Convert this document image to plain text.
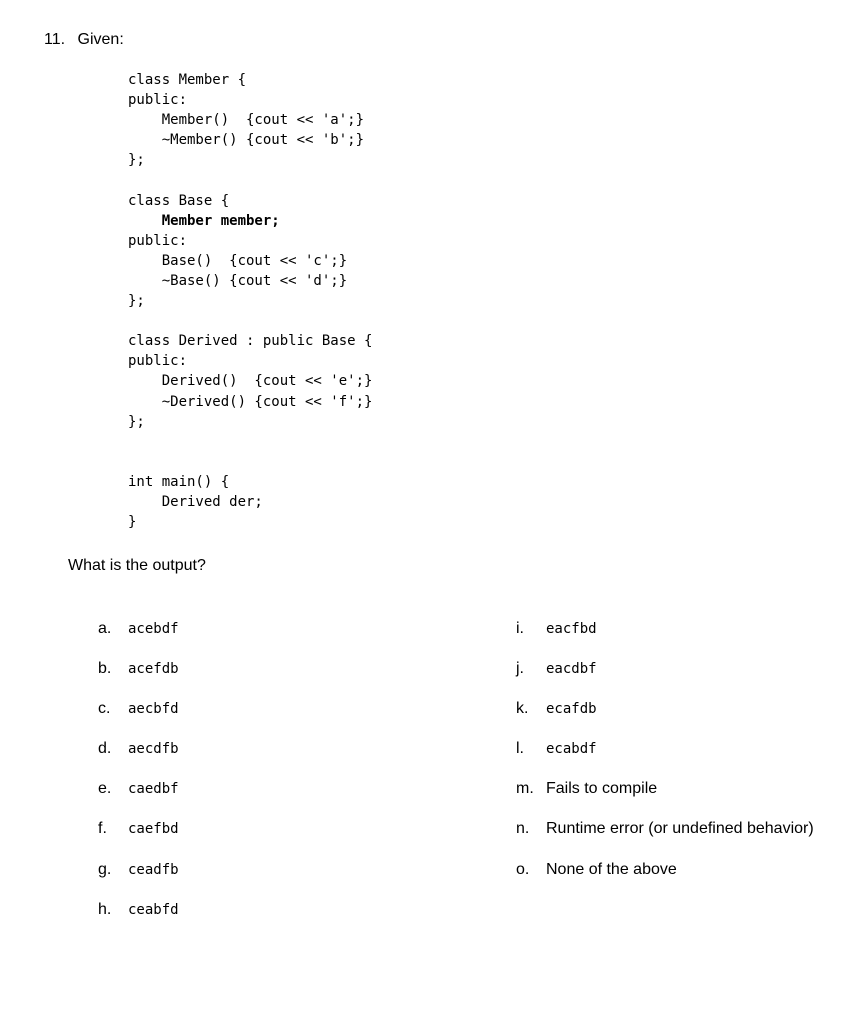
11. Given:
class Member {
public:
Member()  {cout << 'a';}
~Member() {cout << 'b';}
};
class Base {
Member member;
public:
Base()  {cout << 'c';}
~Base() {cout << 'd';}
};
class Derived : public Base {
public:
Derived()  {cout << 'e';}
~Derived() {cout << 'f';}
};
int main() {
Derived der;
}
What is the output?
a.	acebdf
b.	acefdb
c.	aecbfd
d.	aecdfb
e.	caedbf
f.	caefbd
g.	ceadfb
h.	ceabfd
i.	eacfbd
j.	eacdbf
k.	ecafdb
l.	ecabdf
m. Fails to compile
n.	Runtime error (or undefined behavior)
o.	None of the above
